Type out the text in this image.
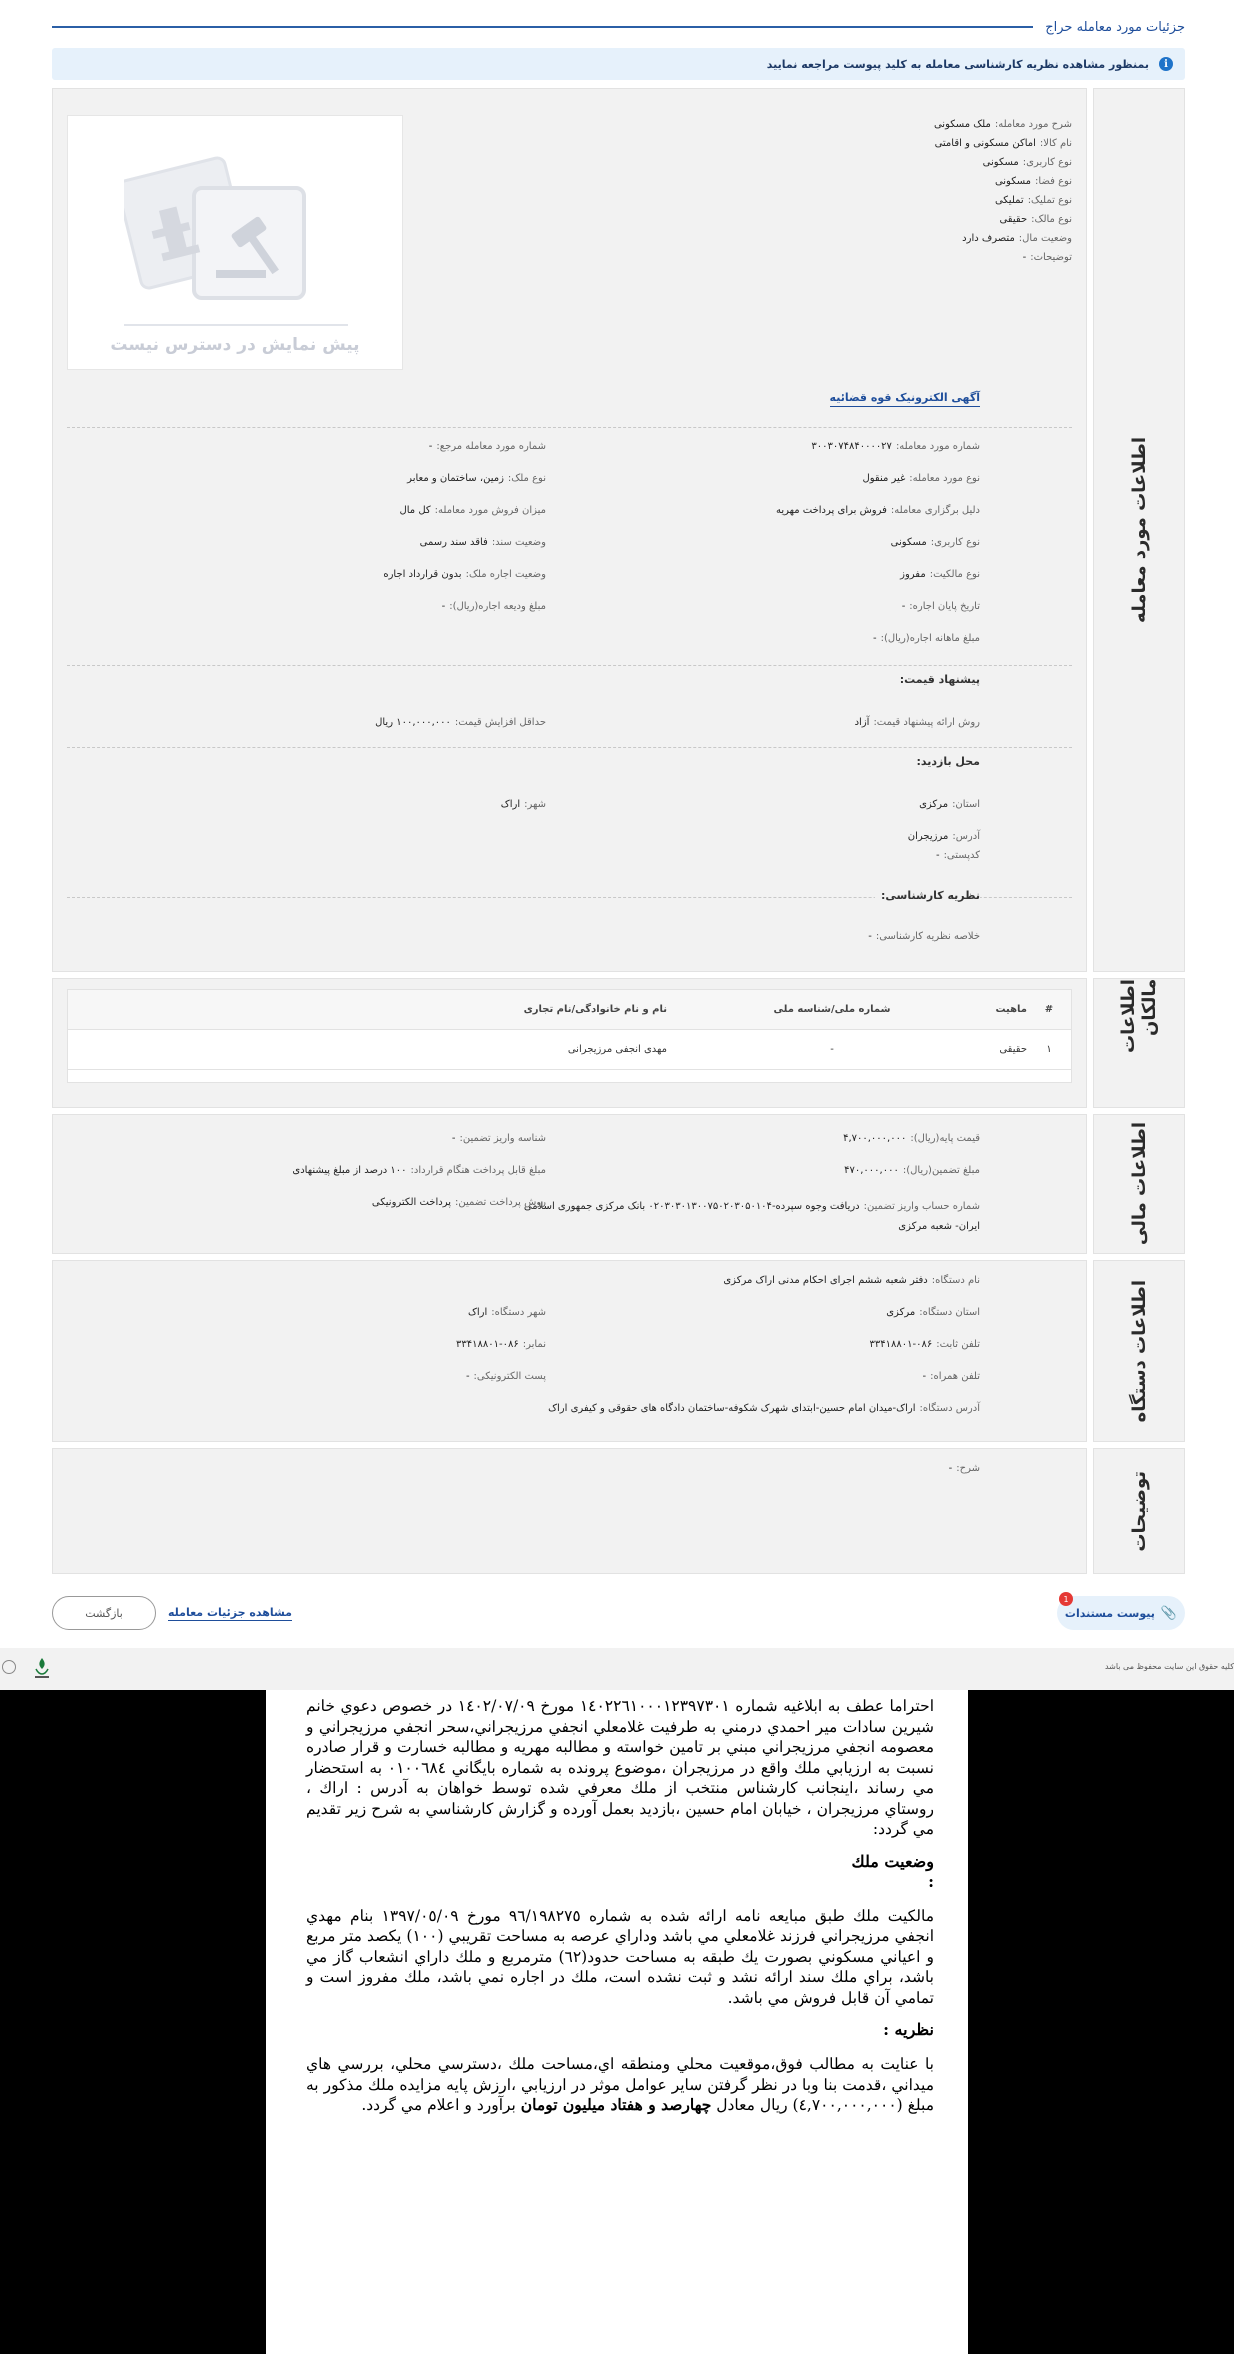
جزئیات مورد معامله حراج
i
بمنظور مشاهده نظریه کارشناسی معامله به کلید پیوست مراجعه نمایید
اطلاعات مورد معامله
شرح مورد معامله:ملک مسکونی
نام کالا:اماکن مسکونی و اقامتی
نوع کاربری:مسکونی
نوع فضا:مسکونی
نوع تملیک:تملیکی
نوع مالک:حقیقی
وضعیت مال:متصرف دارد
توضیحات:-
پیش نمایش در دسترس نیست
آگهی الکترونیک قوه قضائیه
شماره مورد معامله:۳۰۰۳۰۷۴۸۴۰۰۰۰۲۷
نوع مورد معامله:غیر منقول
دلیل برگزاری معامله:فروش برای پرداخت مهریه
نوع کاربری:مسکونی
نوع مالکیت:مفروز
تاریخ پایان اجاره:-
مبلغ ماهانه اجاره(ریال):-
شماره مورد معامله مرجع:-
نوع ملک:زمین، ساختمان و معابر
میزان فروش مورد معامله:کل مال
وضعیت سند:فاقد سند رسمی
وضعیت اجاره ملک:بدون قرارداد اجاره
مبلغ ودیعه اجاره(ریال):-
پیشنهاد قیمت:
روش ارائه پیشنهاد قیمت:آزاد
حداقل افزایش قیمت:۱۰۰,۰۰۰,۰۰۰ ریال
محل بازدید:
استان:مرکزی
شهر:اراک
آدرس:مرزیجران
کدپستی:-
نظریه کارشناسی:
خلاصه نظریه کارشناسی:-
اطلاعات مالکان
#
ماهیت
شماره ملی/شناسه ملی
نام و نام خانوادگی/نام تجاری
۱
حقیقی
-
مهدی انجفی مرزیجرانی
اطلاعات مالی
قیمت پایه(ریال):۴,۷۰۰,۰۰۰,۰۰۰
مبلغ تضمین(ریال):۴۷۰,۰۰۰,۰۰۰
شماره حساب واریز تضمین:دریافت وجوه سپرده-۰۲۰۳۰۳۰۱۳۰۰۷۵۰۲۰۳۰۵۰۱۰۴ بانک مرکزی جمهوری اسلامی ایران- شعبه مرکزی
شناسه واریز تضمین:-
مبلغ قابل پرداخت هنگام قرارداد:۱۰۰ درصد از مبلغ پیشنهادی
روش پرداخت تضمین:پرداخت الکترونیکی
اطلاعات دستگاه
نام دستگاه:دفتر شعبه ششم اجرای احکام مدنی اراک مرکزی
استان دستگاه:مرکزی
شهر دستگاه:اراک
تلفن ثابت:۰۸۶-۳۳۴۱۸۸۰۱
نمابر:۰۸۶-۳۳۴۱۸۸۰۱
تلفن همراه:-
پست الکترونیکی:-
آدرس دستگاه:اراک-میدان امام حسین-ابتدای شهرک شکوفه-ساختمان دادگاه های حقوقی و کیفری اراک
توضیحات
شرح:-
📎
پیوست مستندات
1
مشاهده جزئیات معامله
بازگشت
کلیه حقوق این سایت محفوظ می باشد

احتراما عطف به ابلاغيه شماره ١٤٠٢٢٦١٠٠٠١٢٣٩٧٣٠١ مورخ ١٤٠٢/٠٧/٠٩ در خصوص دعوي خانم شيرين سادات مير احمدي درمني به طرفيت غلامعلي انجفي مرزيجراني،سحر انجفي مرزيجراني و معصومه انجفي مرزيجراني مبني بر تامين خواسته و مطالبه مهريه و مطالبه خسارت و قرار صادره نسبت به ارزيابي ملك واقع در مرزيجران ،موضوع پرونده به شماره بايگاني ٠١٠٠٦٨٤ به استحضار مي رساند ،اينجانب كارشناس منتخب از ملك معرفي شده توسط خواهان به آدرس : اراك ، روستاي مرزيجران ، خيابان امام حسين ،بازديد بعمل آورده و گزارش كارشناسي به شرح زير تقديم مي گردد:

وضعيت ملك

:

مالكيت ملك طبق مبايعه نامه ارائه شده به شماره ٩٦/١٩٨٢٧٥ مورخ ١٣٩٧/٠٥/٠٩ بنام مهدي انجفي مرزيجراني فرزند غلامعلي مي باشد وداراي عرصه به مساحت تقريبي (١٠٠) يكصد متر مربع و اعياني مسكوني بصورت يك طبقه به مساحت حدود(٦٢) مترمربع و ملك داراي انشعاب گاز مي باشد، براي ملك سند ارائه نشد و ثبت نشده است، ملك در اجاره نمي باشد، ملك مفروز است و تمامي آن قابل فروش مي باشد.

نظريه :

با عنايت به مطالب فوق،موقعيت محلي ومنطقه اي،مساحت ملك ،دسترسي محلي، بررسي هاي ميداني ،قدمت بنا وبا در نظر گرفتن ساير عوامل موثر در ارزيابي ،ارزش پايه مزايده ملك مذكور به مبلغ (٤,٧٠٠,٠٠٠,٠٠٠) ريال معادل چهارصد و هفتاد ميليون تومان برآورد و اعلام مي گردد.
